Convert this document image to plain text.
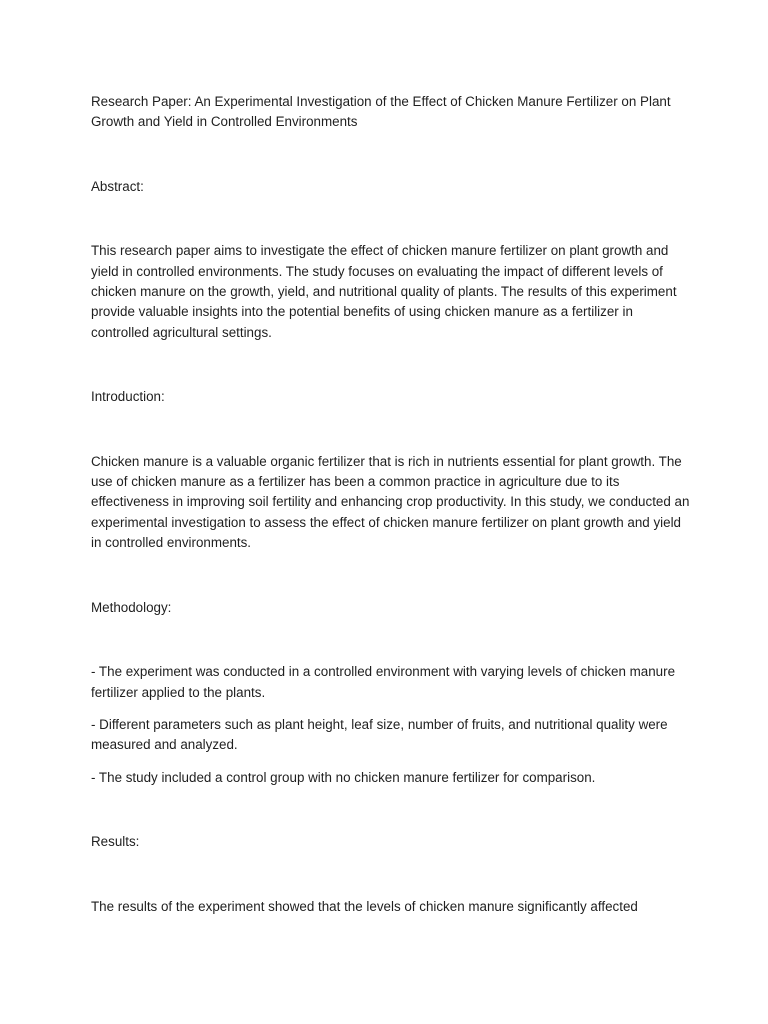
Research Paper: An Experimental Investigation of the Effect of Chicken Manure Fertilizer on Plant Growth and Yield in Controlled Environments

Abstract:

This research paper aims to investigate the effect of chicken manure fertilizer on plant growth and yield in controlled environments. The study focuses on evaluating the impact of different levels of chicken manure on the growth, yield, and nutritional quality of plants. The results of this experiment provide valuable insights into the potential benefits of using chicken manure as a fertilizer in controlled agricultural settings.

Introduction:

Chicken manure is a valuable organic fertilizer that is rich in nutrients essential for plant growth. The use of chicken manure as a fertilizer has been a common practice in agriculture due to its effectiveness in improving soil fertility and enhancing crop productivity. In this study, we conducted an experimental investigation to assess the effect of chicken manure fertilizer on plant growth and yield in controlled environments.

Methodology:

- The experiment was conducted in a controlled environment with varying levels of chicken manure fertilizer applied to the plants.

- Different parameters such as plant height, leaf size, number of fruits, and nutritional quality were measured and analyzed.

- The study included a control group with no chicken manure fertilizer for comparison.

Results:

The results of the experiment showed that the levels of chicken manure significantly affected
